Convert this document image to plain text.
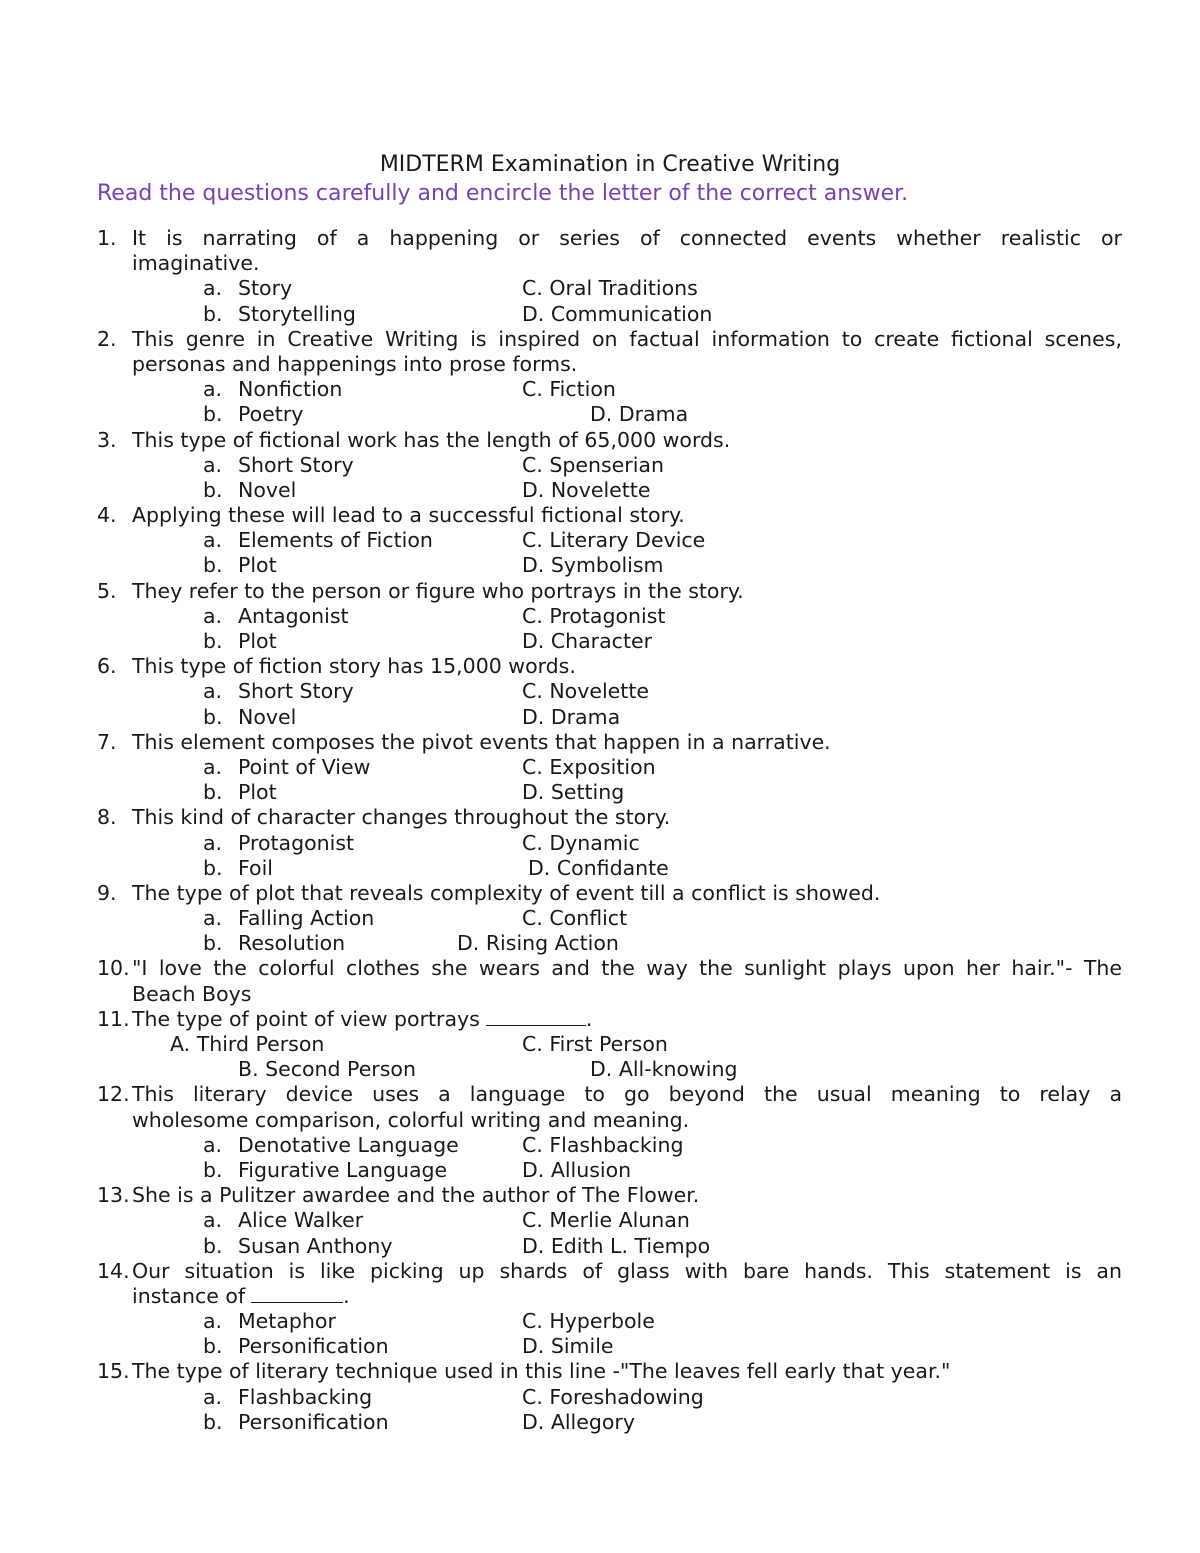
MIDTERM Examination in Creative Writing
Read the questions carefully and encircle the letter of the correct answer.
1. It is narrating of a happening or series of connected events whether realistic or
imaginative.
a. Story	C. Oral Traditions
b. Storytelling	D. Communication
2. This genre in Creative Writing is inspired on factual information to create fictional scenes,
personas and happenings into prose forms.
a. Nonfiction	C. Fiction
b. Poetry	D. Drama
3. This type of fictional work has the length of 65,000 words.
a. Short Story	C. Spenserian
b. Novel	D. Novelette
4. Applying these will lead to a successful fictional story.
a. Elements of Fiction	C. Literary Device
b. Plot	D. Symbolism
5. They refer to the person or figure who portrays in the story.
a. Antagonist	C. Protagonist
b. Plot	D. Character
6. This type of fiction story has 15,000 words.
a. Short Story	C. Novelette
b. Novel	D. Drama
7. This element composes the pivot events that happen in a narrative.
a. Point of View	C. Exposition
b. Plot	D. Setting
8. This kind of character changes throughout the story.
a. Protagonist	C. Dynamic
b. Foil	D. Confidante
9. The type of plot that reveals complexity of event till a conflict is showed.
a. Falling Action	C. Conflict
b. Resolution	D. Rising Action
10. "I love the colorful clothes she wears and the way the sunlight plays upon her hair."- The
Beach Boys
11. The type of point of view portrays	.
A. Third Person	C. First Person
B. Second Person	D. All-knowing
12. This literary device uses a language to go beyond the usual meaning to relay a
wholesome comparison, colorful writing and meaning.
a. Denotative Language	C. Flashbacking
b. Figurative Language	D. Allusion
13. She is a Pulitzer awardee and the author of The Flower.
a. Alice Walker	C. Merlie Alunan
b. Susan Anthony	D. Edith L. Tiempo
14. Our situation is like picking up shards of glass with bare hands. This statement is an
instance of	.
a. Metaphor	C. Hyperbole
b. Personification	D. Simile
15. The type of literary technique used in this line -"The leaves fell early that year."
a. Flashbacking	C. Foreshadowing
b. Personification	D. Allegory
